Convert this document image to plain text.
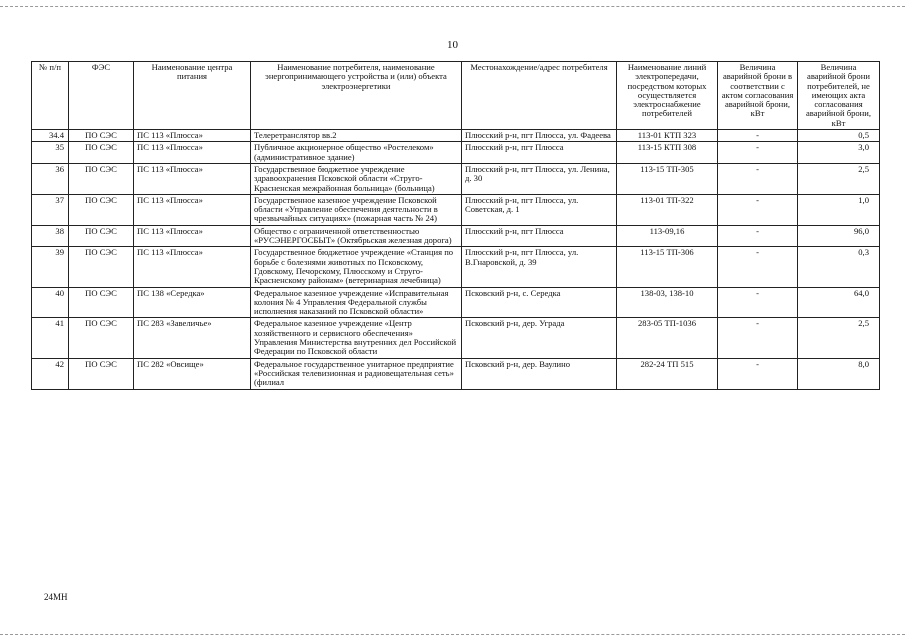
10
№ п/п	ФЭС	Наименование центра питания	Наименование потребителя, наименование энергопринимающего устройства и (или) объекта электроэнергетики	Местонахождение/адрес потребителя	Наименование линий электропередачи, посредством которых осуществляется электроснабжение потребителей	Величина аварийной брони в соответствии с актом согласования аварийной брони, кВт	Величина аварийной брони потребителей, не имеющих акта согласования аварийной брони, кВт
34.4	ПО СЭС	ПС 113 «Плюсса»	Телеретранслятор вв.2	Плюсский р-н, пгт Плюсса, ул. Фадеева	113-01 КТП 323	-	0,5
35	ПО СЭС	ПС 113 «Плюсса»	Публичное акционерное общество «Ростелеком» (административное здание)	Плюсский р-н, пгт Плюсса	113-15 КТП 308	-	3,0
36	ПО СЭС	ПС 113 «Плюсса»	Государственное бюджетное учреждение здравоохранения Псковской области «Струго-Красненская межрайонная больница» (больница)	Плюсский р-н, пгт Плюсса, ул. Ленина, д. 30	113-15 ТП-305	-	2,5
37	ПО СЭС	ПС 113 «Плюсса»	Государственное казенное учреждение Псковской области «Управление обеспечения деятельности в чрезвычайных ситуациях» (пожарная часть № 24)	Плюсский р-н, пгт Плюсса, ул. Советская, д. 1	113-01 ТП-322	-	1,0
38	ПО СЭС	ПС 113 «Плюсса»	Общество с ограниченной ответственностью «РУСЭНЕРГОСБЫТ» (Октябрьская железная дорога)	Плюсский р-н, пгт Плюсса	113-09,16	-	96,0
39	ПО СЭС	ПС 113 «Плюсса»	Государственное бюджетное учреждение «Станция по борьбе с болезнями животных по Псковскому, Гдовскому, Печорскому, Плюсскому и Струго-Красненскому районам» (ветеринарная лечебница)	Плюсский р-н, пгт Плюсса, ул. В.Гнаровской, д. 39	113-15 ТП-306	-	0,3
40	ПО СЭС	ПС 138 «Середка»	Федеральное казенное учреждение «Исправительная колония № 4 Управления Федеральной службы исполнения наказаний по Псковской области»	Псковский р-н, с. Середка	138-03, 138-10	-	64,0
41	ПО СЭС	ПС 283 «Завеличье»	Федеральное казенное учреждение «Центр хозяйственного и сервисного обеспечения» Управления Министерства внутренних дел Российской Федерации по Псковской области	Псковский р-н, дер. Уграда	283-05 ТП-1036	-	2,5
42	ПО СЭС	ПС 282 «Овсище»	Федеральное государственное унитарное предприятие «Российская телевизионная и радиовещательная сеть» (филиал	Псковский р-н, дер. Ваулино	282-24 ТП 515	-	8,0
24МН
